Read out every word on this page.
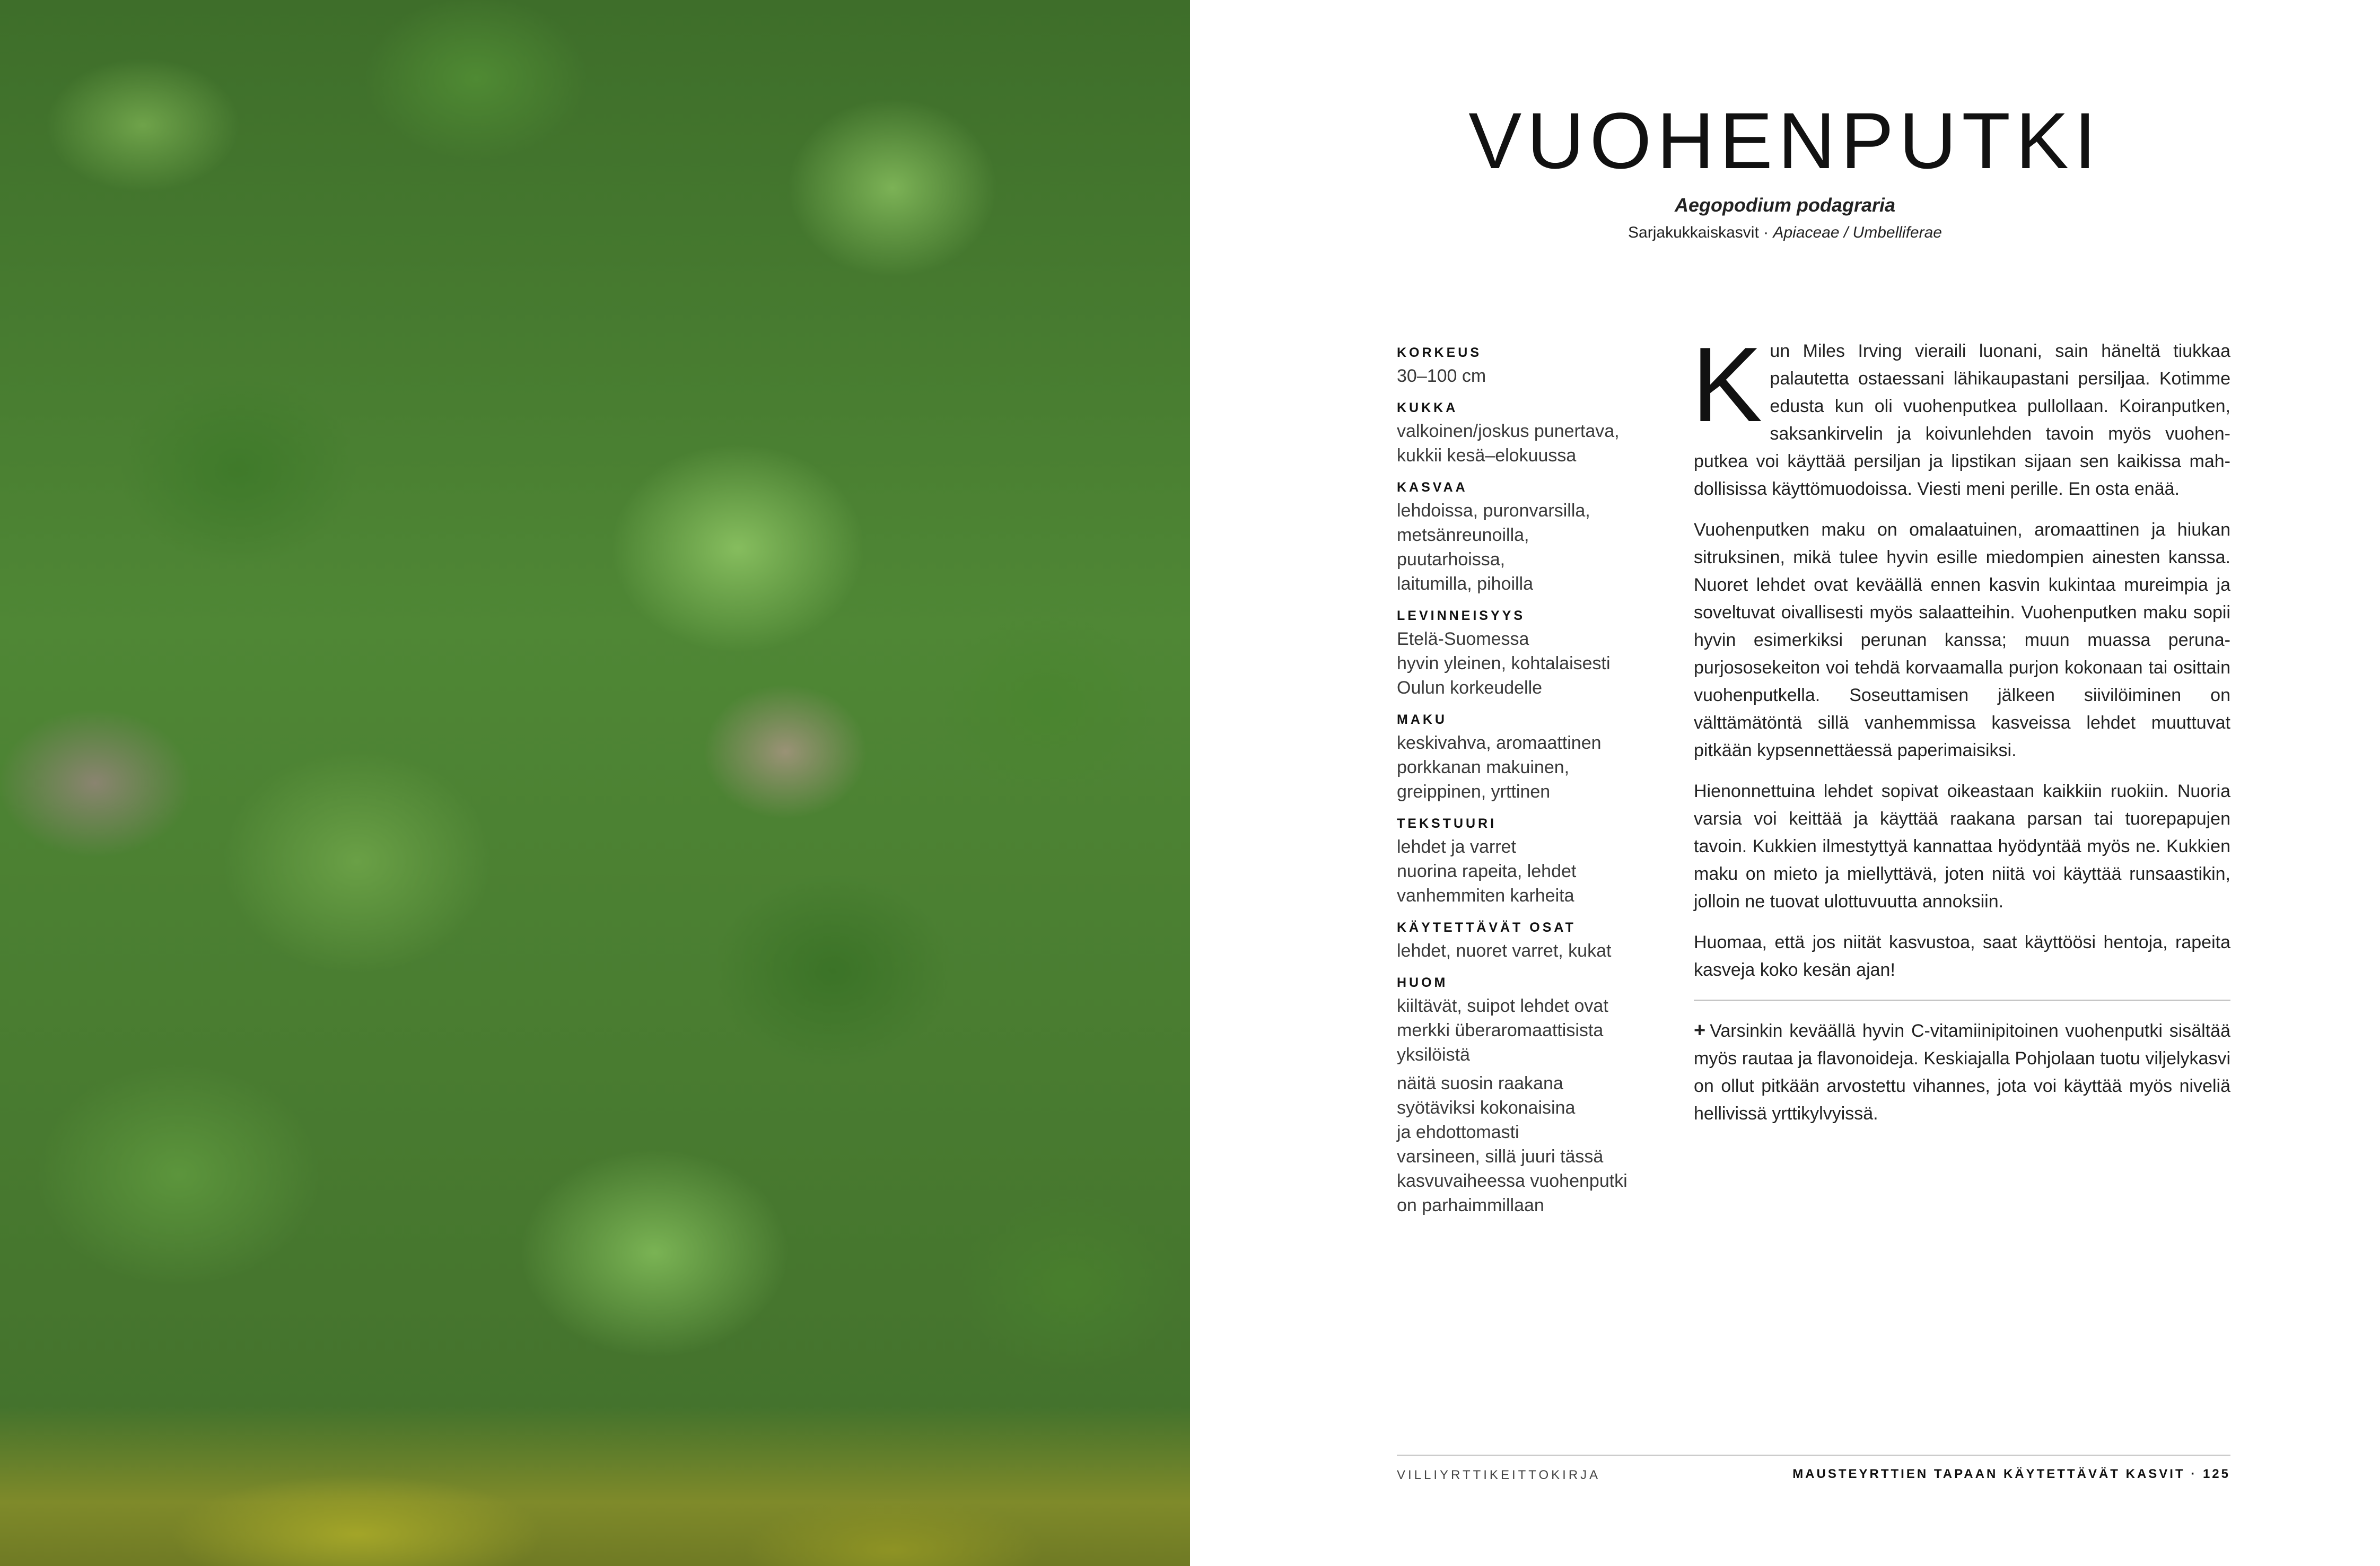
VUOHENPUTKI
Aegopodium podagraria
Sarjakukkaiskasvit · Apiaceae / Umbelliferae
KORKEUS
30–100 cm
KUKKA
valkoinen/joskus punertava,
kukkii kesä–elokuussa
KASVAA
lehdoissa, puronvarsilla,
metsänreunoilla,
puutarhoissa,
laitumilla, pihoilla
LEVINNEISYYS
Etelä-Suomessa
hyvin yleinen, kohtalaisesti
Oulun korkeudelle
MAKU
keskivahva, aromaattinen
porkkanan makuinen,
greippinen, yrttinen
TEKSTUURI
lehdet ja varret
nuorina rapeita, lehdet
vanhemmiten karheita
KÄYTETTÄVÄT OSAT
lehdet, nuoret varret, kukat
HUOM
kiiltävät, suipot lehdet ovat
merkki überaromaattisista
yksilöistä
näitä suosin raakana
syötäviksi kokonaisina
ja ehdottomasti
varsineen, sillä juuri tässä
kasvuvaiheessa vuohenputki
on parhaimmillaan

Kun Miles Irving vieraili luonani, sain häneltä tiukkaa palautetta ostaessani lähikaupastani persiljaa. Kotimme edusta kun oli vuohenputkea pullollaan. Koiranputken, saksankirvelin ja koivunlehden tavoin myös vuohenputkea voi käyttää persiljan ja lipstikan sijaan sen kaikissa mahdollisissa käyttömuodoissa. Viesti meni perille. En osta enää.

Vuohenputken maku on omalaatuinen, aromaattinen ja hiukan sitruksinen, mikä tulee hyvin esille miedompien ainesten kanssa. Nuoret lehdet ovat keväällä ennen kasvin kukintaa mureimpia ja soveltuvat oivallisesti myös salaatteihin. Vuohenputken maku sopii hyvin esimerkiksi perunan kanssa; muun muassa perunapurjososekeiton voi tehdä korvaamalla purjon kokonaan tai osittain vuohenputkella. Soseuttamisen jälkeen siivilöiminen on välttämätöntä sillä vanhemmissa kasveissa lehdet muuttuvat pitkään kypsennettäessä paperimaisiksi.

Hienonnettuina lehdet sopivat oikeastaan kaikkiin ruokiin. Nuoria varsia voi keittää ja käyttää raakana parsan tai tuorepapujen tavoin. Kukkien ilmestyttyä kannattaa hyödyntää myös ne. Kukkien maku on mieto ja miellyttävä, joten niitä voi käyttää runsaastikin, jolloin ne tuovat ulottuvuutta annoksiin.

Huomaa, että jos niität kasvustoa, saat käyttöösi hentoja, rapeita kasveja koko kesän ajan!

+ Varsinkin keväällä hyvin C-vitamiinipitoinen vuohenputki sisältää myös rautaa ja flavonoideja. Keskiajalla Pohjolaan tuotu viljelykasvi on ollut pitkään arvostettu vihannes, jota voi käyttää myös niveliä hellivissä yrttikylvyissä.

VILLIYRTTIKEITTOKIRJA	MAUSTEYRTTIEN TAPAAN KÄYTETTÄVÄT KASVIT · 125
